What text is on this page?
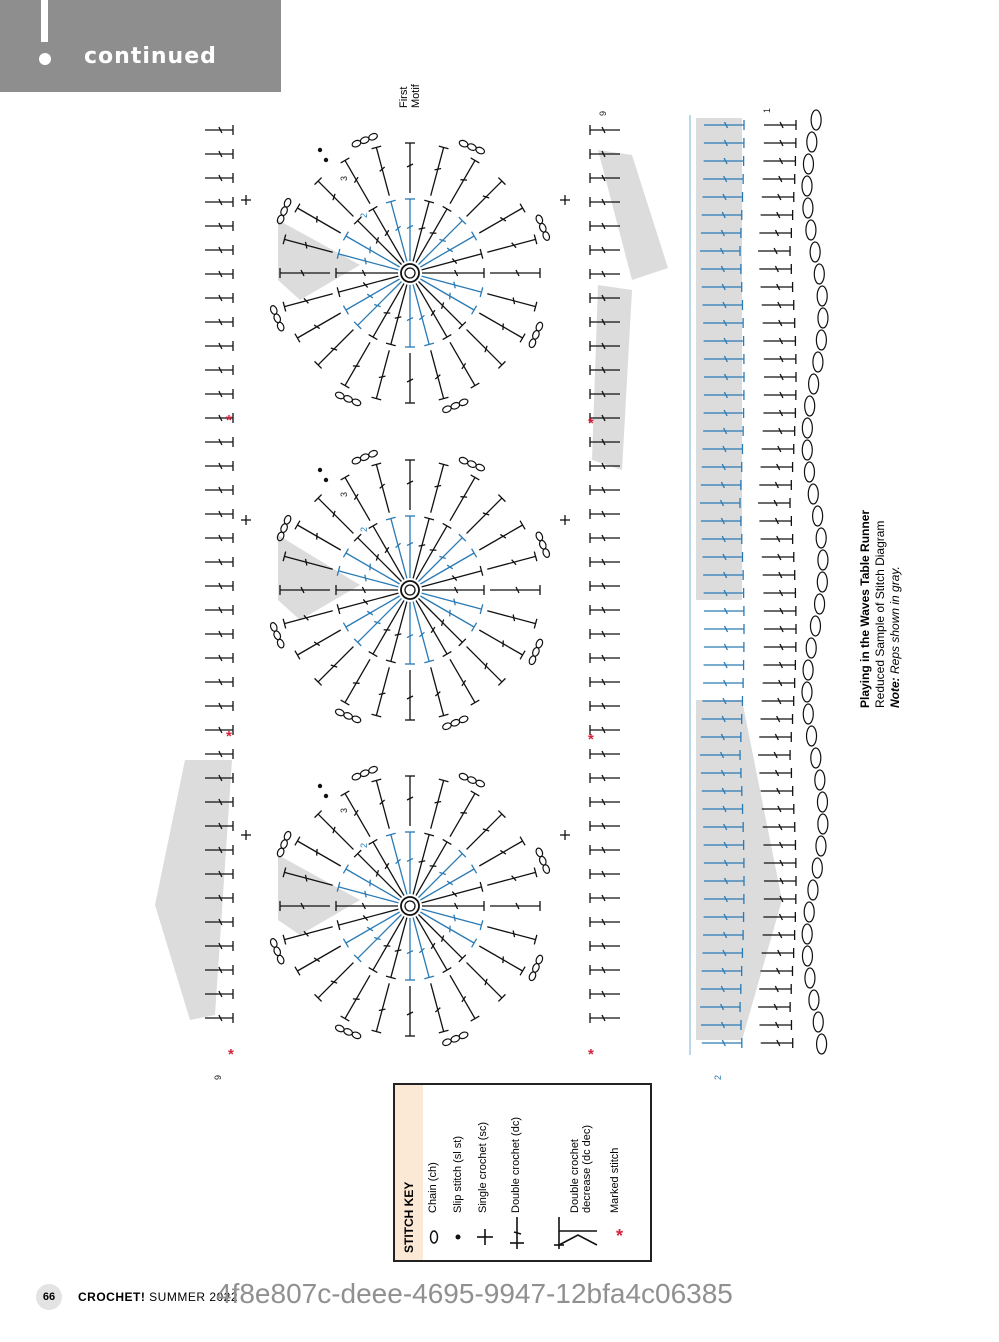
continued
*	*
*	*
*	*
First Motif
9
1
9	2
2
3
2
3
2
3
Playing in the Waves Table Runner Reduced Sample of Stitch Diagram Note: Reps shown in gray.
STITCH KEY	*
Chain (ch) Slip stitch (sl st) Single crochet (sc) Double crochet (dc)	Double crochet decrease (dc dec) Marked stitch
66	CROCHET! SUMMER 2022
4f8e807c-deee-4695-9947-12bfa4c06385
